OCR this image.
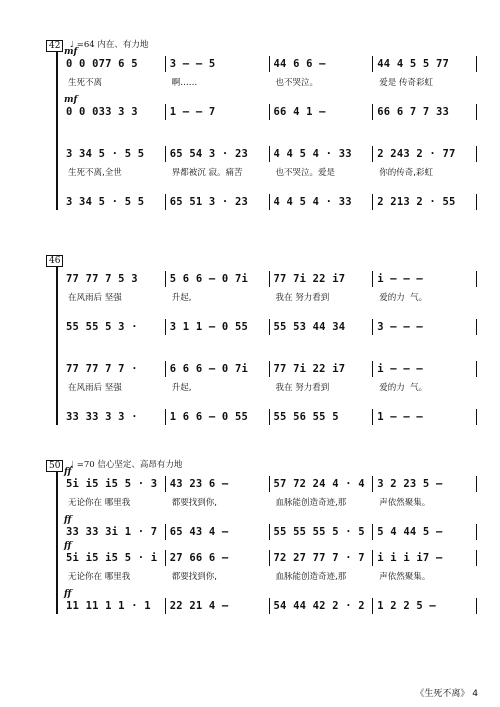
42	♩ =64 内在、有力地
mf
0 0 077 6 5	3 – – 5	44 6 6 –	44 4 5 5 77
生死不离	啊……	也不哭泣。	爱是 传奇彩虹
mf
0 0 033 3 3	1 – – 7	66 4 1 –	66 6 7 7 33
3 34 5 · 5 5	65 54 3 · 23	4 4 5 4 · 33	2 243 2 · 77
生死不离,全世	界都被沉 寂。痛苦	也不哭泣。爱是	你的传奇,彩虹
3 34 5 · 5 5	65 51 3 · 23	4 4 5 4 · 33	2 213 2 · 55
46
77 77 7 5 3	5 6 6 – 0 7i	77 7i 22 i7	i – – –
在风雨后 坚强	升起,	我在 努力看到	爱的力  气。
55 55 5 3 ·	3 1 1 – 0 55	55 53 44 34	3 – – –
77 77 7 7 ·	6 6 6 – 0 7i	77 7i 22 i7	i – – –
在风雨后 坚强	升起,	我在 努力看到	爱的力  气。
33 33 3 3 ·	1 6 6 – 0 55	55 56 55 5	1 – – –
50	♩ =70 信心坚定、高昂有力地
ff
5i i5 i5 5 · 3	43 23 6 –	57 72 24 4 · 4	3 2 23 5 –
无论你在 哪里我	都要找到你,	血脉能创造奇迹,那	声依然聚集。
ff
33 33 3i 1 · 7	65 43 4 –	55 55 55 5 · 5	5 4 44 5 –
ff
5i i5 i5 5 · i	27 66 6 –	72 27 77 7 · 7	i i i i7 –
无论你在 哪里我	都要找到你,	血脉能创造奇迹,那	声依然聚集。
ff
11 11 1 1 · 1	22 21 4 –	54 44 42 2 · 2	1 2 2 5 –
《生死不离》 4
